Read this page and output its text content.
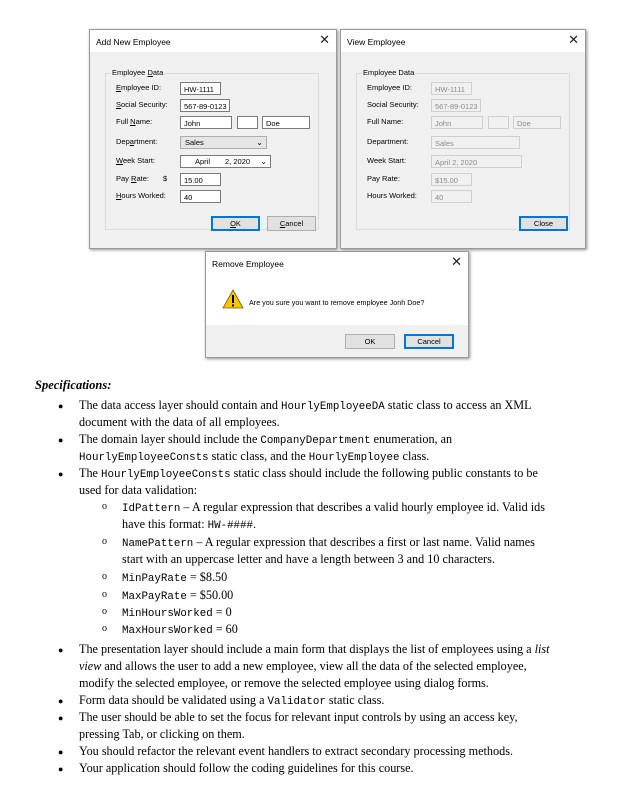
Add New Employee	✕
Employee Data
Employee ID:	HW-1111
Social Security:	567-89-0123
Full Name:	John	Doe
Department:	Sales	⌄
Week Start:	April 2, 2020 ⌄
Pay Rate: $	15.00
Hours Worked:	40
OK	Cancel
View Employee	✕
Employee Data
Employee ID:	HW-1111
Social Security:	567-89-0123
Full Name:	John	Doe
Department:	Sales
Week Start:	April 2, 2020
Pay Rate:	$15.00
Hours Worked:	40
Close
Remove Employee	✕
Are you sure you want to remove employee Jonh Doe?
OK	Cancel
Specifications:
● The data access layer should contain and HourlyEmployeeDA static class to access an XML
document with the data of all employees.
● The domain layer should include the CompanyDepartment enumeration, an
HourlyEmployeeConsts static class, and the HourlyEmployee class.
● The HourlyEmployeeConsts static class should include the following public constants to be
used for data validation:
o IdPattern – A regular expression that describes a valid hourly employee id. Valid ids
have this format: HW-####.
o NamePattern – A regular expression that describes a first or last name. Valid names
start with an uppercase letter and have a length between 3 and 10 characters.
o MinPayRate = $8.50
o MaxPayRate = $50.00
o MinHoursWorked = 0
o MaxHoursWorked = 60
● The presentation layer should include a main form that displays the list of employees using a list
view and allows the user to add a new employee, view all the data of the selected employee,
modify the selected employee, or remove the selected employee using dialog forms.
● Form data should be validated using a Validator static class.
● The user should be able to set the focus for relevant input controls by using an access key,
pressing Tab, or clicking on them.
● You should refactor the relevant event handlers to extract secondary processing methods.
● Your application should follow the coding guidelines for this course.
